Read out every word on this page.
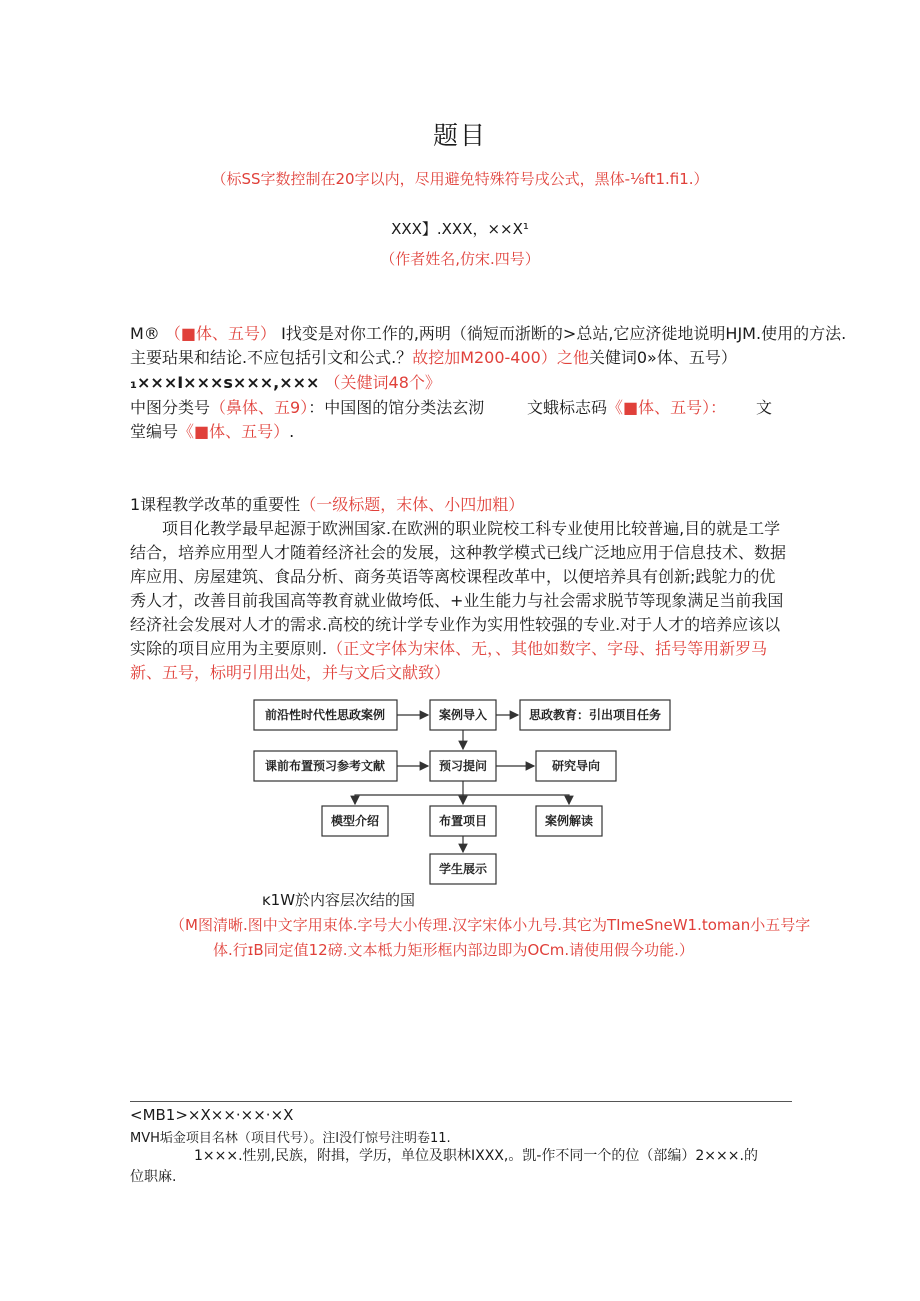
题目
（标SS字数控制在20字以内，尽用避免特殊符号戌公式，黑体-⅛ft1.fi1.）
XXX】.XXX，××X¹
（作者姓名,仿宋.四号）
M® （■体、五号） I找变是对你工作的,两明（徜短而浙断的>总站,它应济徙地说明HJM.使用的方法.
主要玷果和结论.不应包括引文和公式.？故挖加M200-400）之他关健词0»体、五号）
₁×××I×××s×××,××× （关健词48个》
中图分类号（鼻体、五9）：中国图的馆分类法玄沏	文蛾标志码《■体、五号）： 文
堂编号《■体、五号）.
1课程教学改革的重要性（一级标题，末体、小四加粗）
项目化教学最早起源于欧洲国家.在欧洲的职业院校工科专业使用比较普遍,目的就是工学结合，培养应用型人才随着经济社会的发展，这种教学模式已线广泛地应用于信息技术、数据库应用、房屋建筑、食品分析、商务英语等离校课程改革中，以便培养具有创新;践鸵力的优秀人才，改善目前我国高等教育就业做垮低、+业生能力与社会需求脱节等现象满足当前我国经济社会发展对人才的需求.高校的统计学专业作为实用性较强的专业.对于人才的培养应该以实除的项目应用为主要原则.（正文字体为宋体、无，、其他如数字、字母、括号等用新罗马新、五号，标明引用出处，并与文后文献致）
前沿性时代性思政案例	案例导入	思政教育：引出项目任务
课前布置预习参考文献	预习提问	研究导向
模型介绍	布置项目	案例解读
学生展示
ĸ1W於内容层次结的国
（M图清晰.图中文字用束体.字号大小传理.汉字宋体小九号.其它为TImeSneW1.toman小五号字
体.行ɪB同定值12磅.文本柢力矩形框内部边即为OCm.请使用假今功能.）
<MB1>×X××·××·×X
MVH垢金项目名林（项目代号）。注l没仃惊号注明卷11.
1×××.性别,民族，附揖，学历，单位及职林IXXX,。凯-作不同一个的位（部编）2×××.的
位职麻.
